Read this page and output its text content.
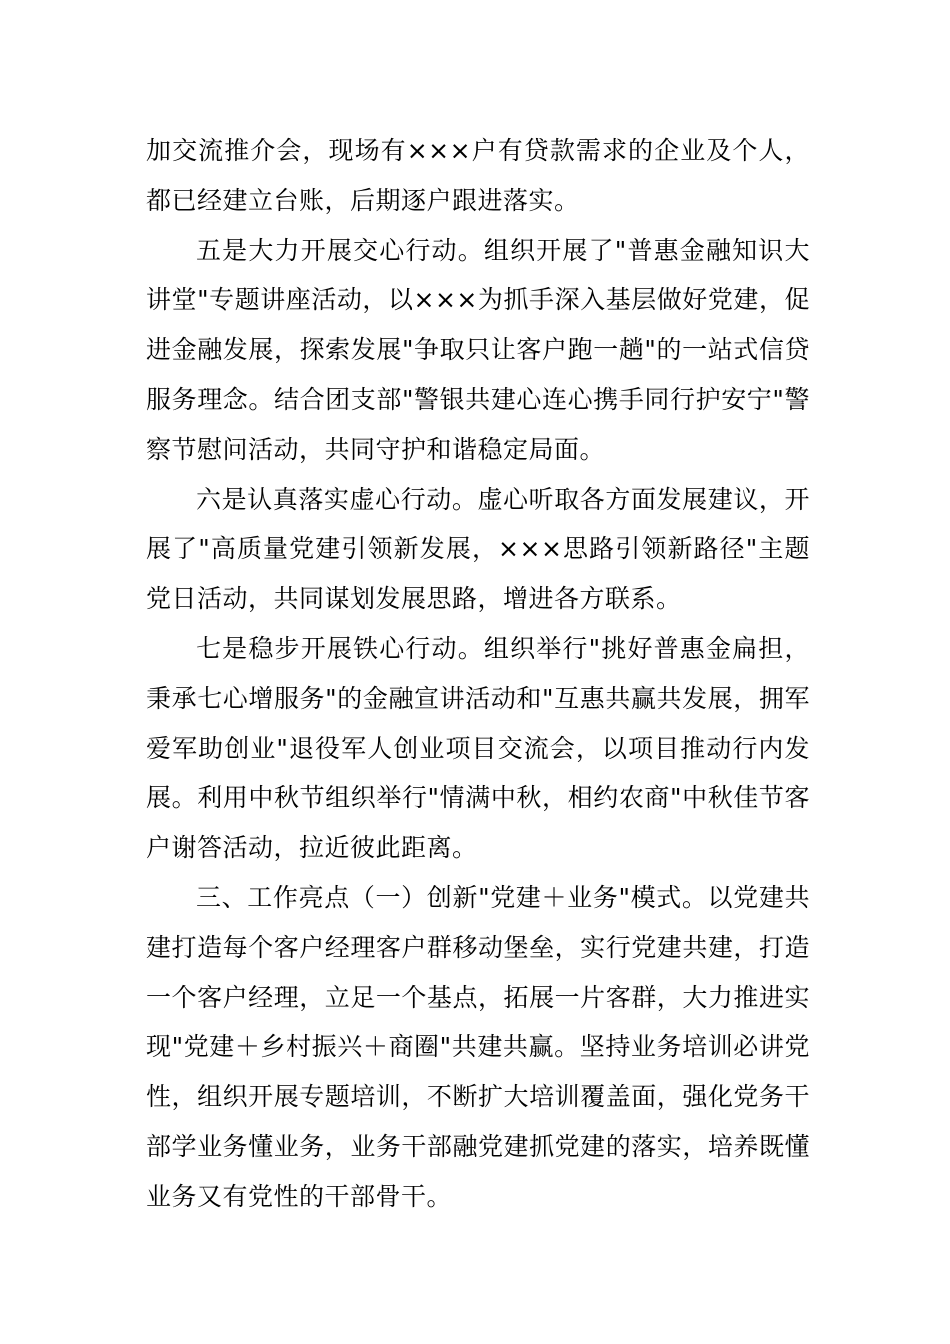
加交流推介会，现场有×××户有贷款需求的企业及个人，都已经建立台账，后期逐户跟进落实。

五是大力开展交心行动。组织开展了"普惠金融知识大讲堂"专题讲座活动，以×××为抓手深入基层做好党建，促进金融发展，探索发展"争取只让客户跑一趟"的一站式信贷服务理念。结合团支部"警银共建心连心携手同行护安宁"警察节慰问活动，共同守护和谐稳定局面。

六是认真落实虚心行动。虚心听取各方面发展建议，开展了"高质量党建引领新发展，×××思路引领新路径"主题党日活动，共同谋划发展思路，增进各方联系。

七是稳步开展铁心行动。组织举行"挑好普惠金扁担，秉承七心增服务"的金融宣讲活动和"互惠共赢共发展，拥军爱军助创业"退役军人创业项目交流会，以项目推动行内发展。利用中秋节组织举行"情满中秋，相约农商"中秋佳节客户谢答活动，拉近彼此距离。

三、工作亮点（一）创新"党建＋业务"模式。以党建共建打造每个客户经理客户群移动堡垒，实行党建共建，打造一个客户经理，立足一个基点，拓展一片客群，大力推进实现"党建＋乡村振兴＋商圈"共建共赢。坚持业务培训必讲党性，组织开展专题培训，不断扩大培训覆盖面，强化党务干部学业务懂业务，业务干部融党建抓党建的落实，培养既懂业务又有党性的干部骨干。
